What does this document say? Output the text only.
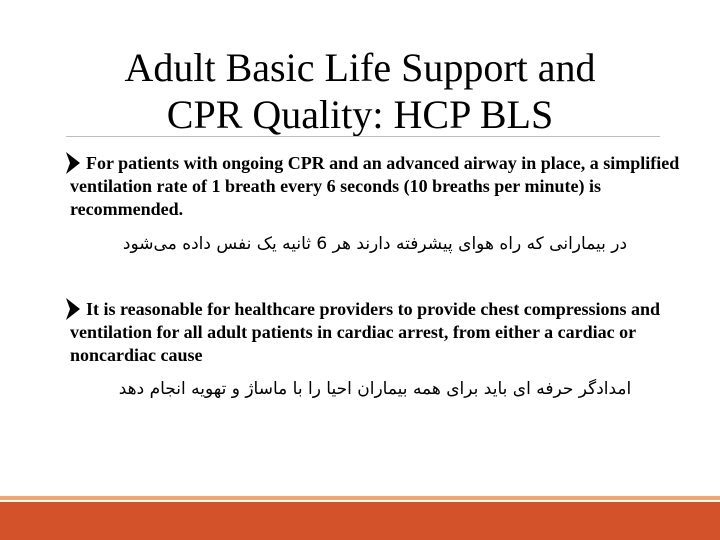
Adult Basic Life Support and
CPR Quality: HCP BLS
For patients with ongoing CPR and an advanced airway in place, a simplified ventilation rate of 1 breath every 6 seconds (10 breaths per minute) is recommended.
در بیمارانی که راه هوای پیشرفته دارند هر 6 ثانیه یک نفس داده می‌شود
It is reasonable for healthcare providers to provide chest compressions and ventilation for all adult patients in cardiac arrest, from either a cardiac or noncardiac cause
امدادگر حرفه ای باید برای همه بیماران احیا را با ماساژ و تهویه انجام دهد
